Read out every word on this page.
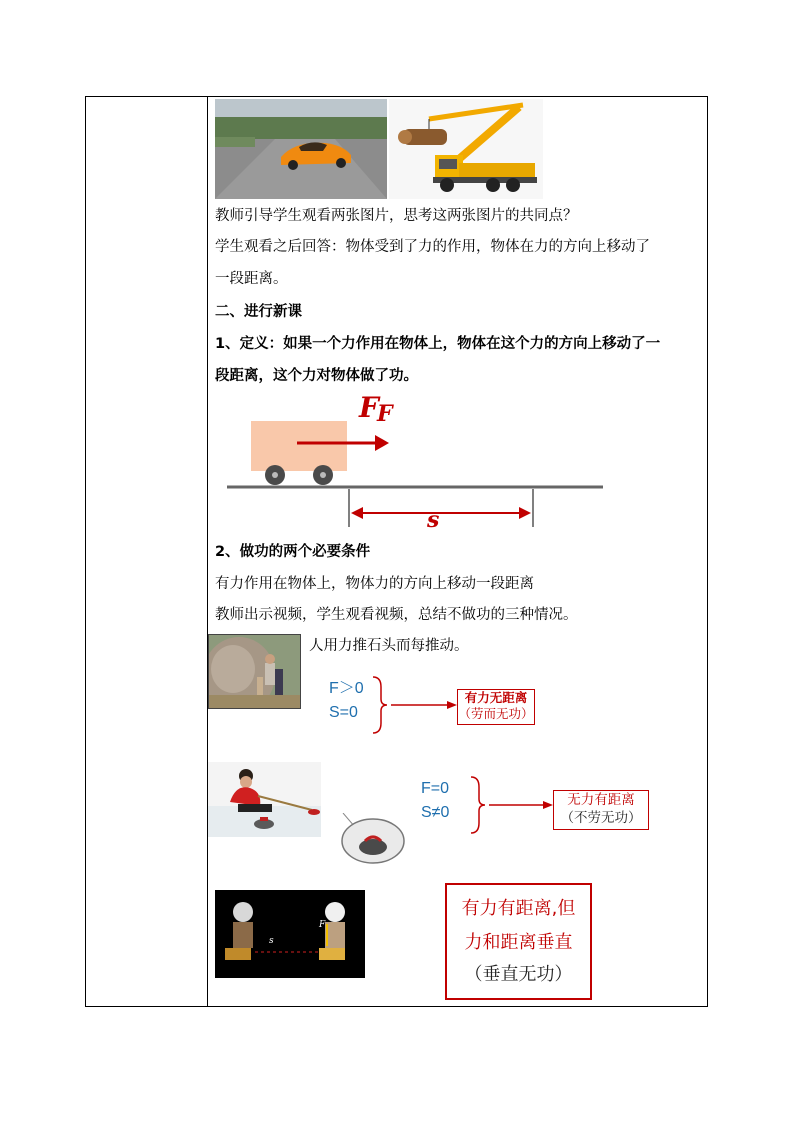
教师引导学生观看两张图片，思考这两张图片的共同点？
学生观看之后回答：物体受到了力的作用，物体在力的方向上移动了
一段距离。
二、进行新课
1、定义：如果一个力作用在物体上，物体在这个力的方向上移动了一
段距离，这个力对物体做了功。
F
F
s
2、做功的两个必要条件
有力作用在物体上，物体力的方向上移动一段距离
教师出示视频，学生观看视频，总结不做功的三种情况。
人用力推石头而每推动。
F＞0
S=0
有力无距离
（劳而无功）
F=0
S≠0
无力有距离
（不劳无功）
s
F
有力有距离,但
力和距离垂直
（垂直无功）
